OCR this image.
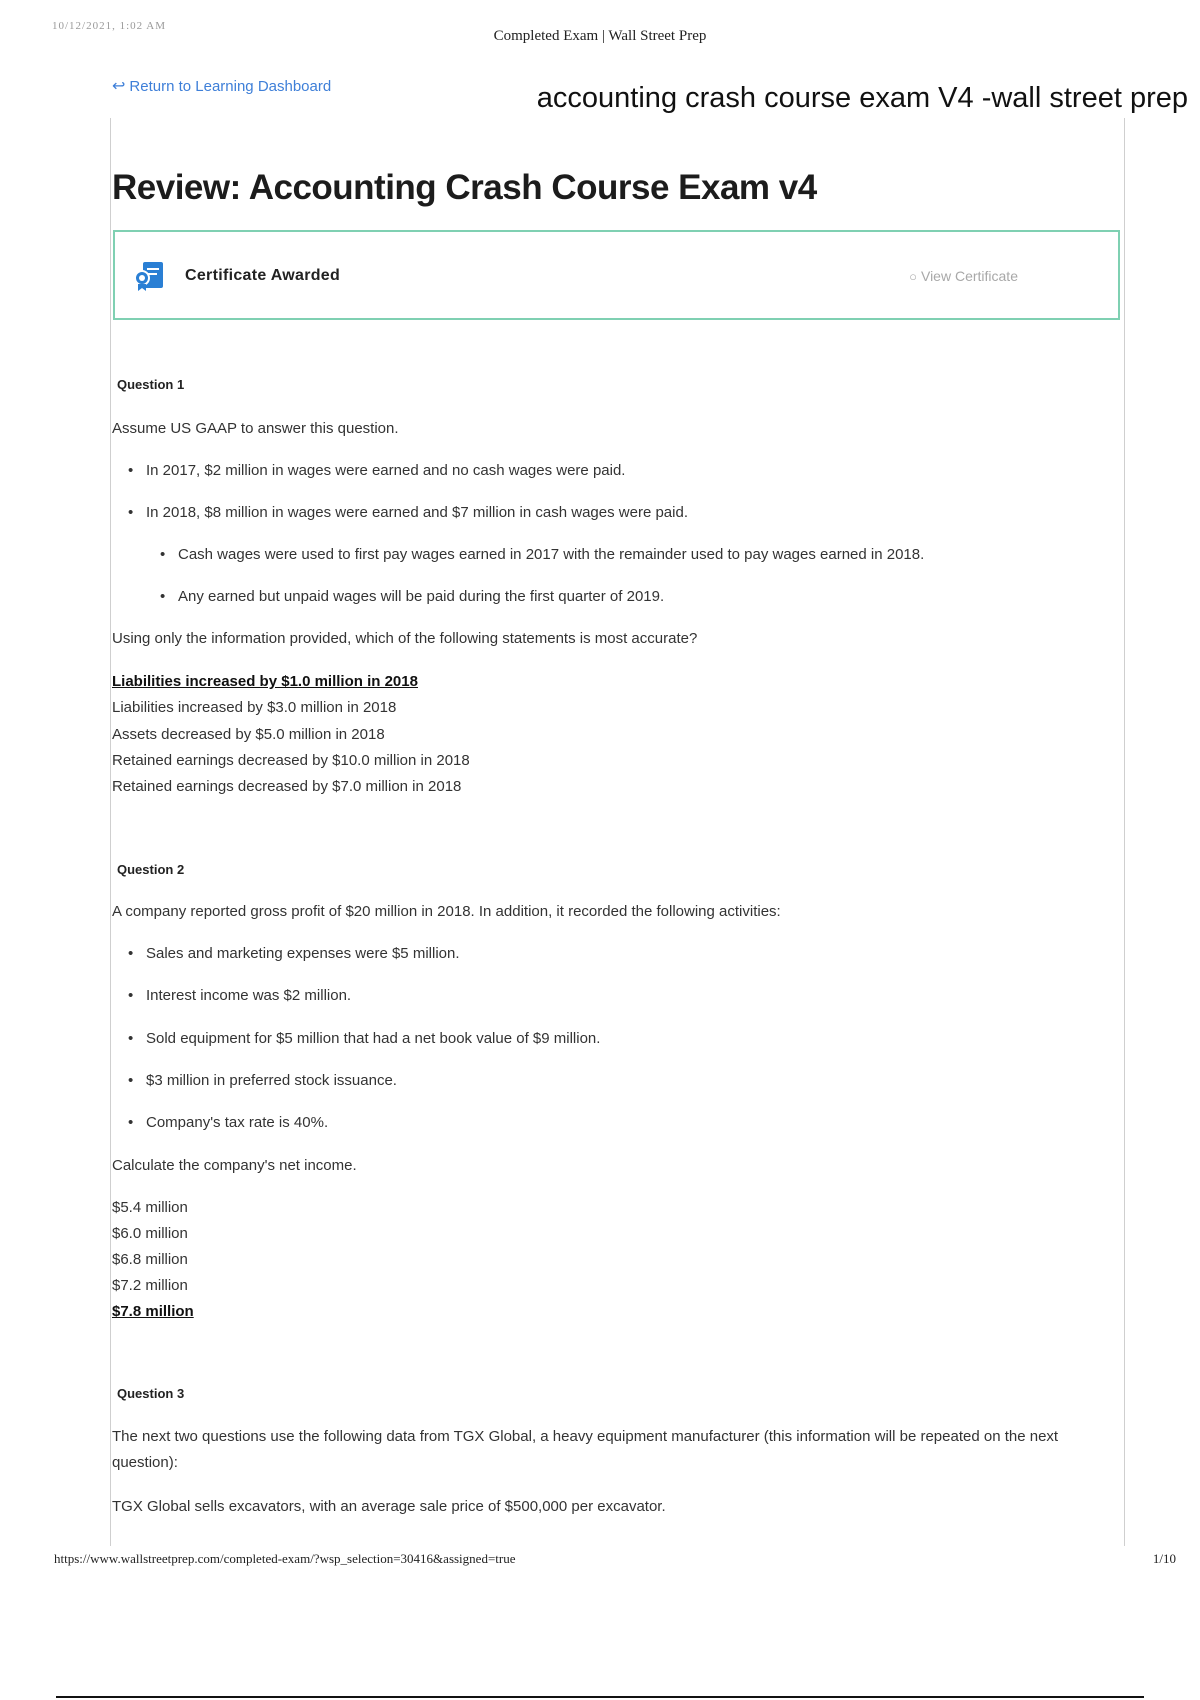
10/12/2021, 1:02 AM
Completed Exam | Wall Street Prep
↩ Return to Learning Dashboard	accounting crash course exam V4 -wall street prep
Review: Accounting Crash Course Exam v4
Certificate Awarded	○ View Certificate
Question 1
Assume US GAAP to answer this question.
• In 2017, $2 million in wages were earned and no cash wages were paid.
• In 2018, $8 million in wages were earned and $7 million in cash wages were paid.
• Cash wages were used to first pay wages earned in 2017 with the remainder used to pay wages earned in 2018.
• Any earned but unpaid wages will be paid during the first quarter of 2019.
Using only the information provided, which of the following statements is most accurate?
Liabilities increased by $1.0 million in 2018
Liabilities increased by $3.0 million in 2018
Assets decreased by $5.0 million in 2018
Retained earnings decreased by $10.0 million in 2018
Retained earnings decreased by $7.0 million in 2018
Question 2
A company reported gross profit of $20 million in 2018. In addition, it recorded the following activities:
• Sales and marketing expenses were $5 million.
• Interest income was $2 million.
• Sold equipment for $5 million that had a net book value of $9 million.
• $3 million in preferred stock issuance.
• Company's tax rate is 40%.
Calculate the company's net income.
$5.4 million
$6.0 million
$6.8 million
$7.2 million
$7.8 million
Question 3
The next two questions use the following data from TGX Global, a heavy equipment manufacturer (this information will be repeated on the next question):
TGX Global sells excavators, with an average sale price of $500,000 per excavator.
https://www.wallstreetprep.com/completed-exam/?wsp_selection=30416&assigned=true	1/10
